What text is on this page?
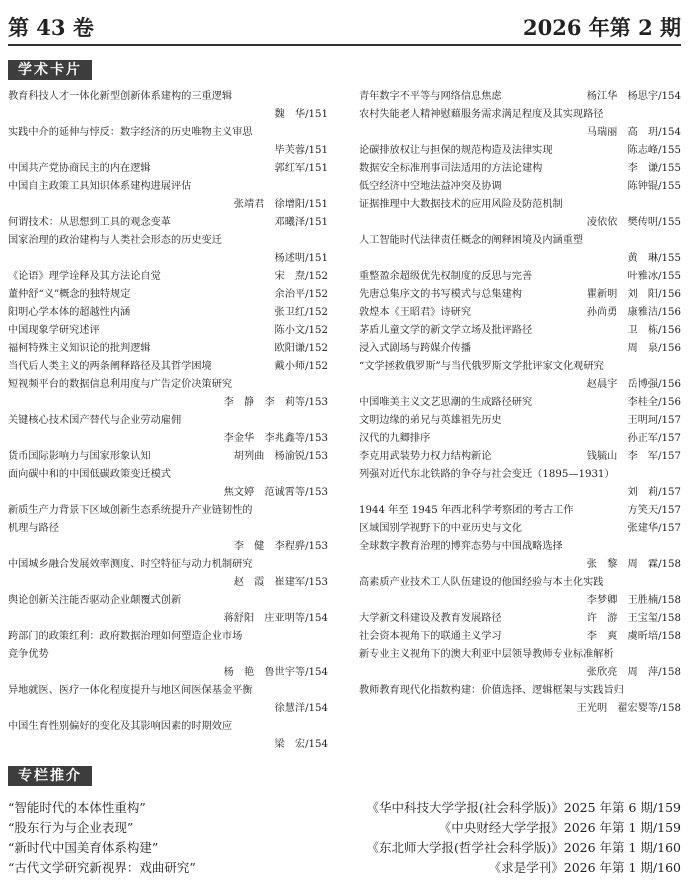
第 43 卷	2026 年第 2 期
学术卡片
教育科技人才一体化新型创新体系建构的三重逻辑
魏　华/151
实践中介的延伸与悖反：数字经济的历史唯物主义审思
毕芙蓉/151
中国共产党协商民主的内在逻辑	郭红军/151
中国自主政策工具知识体系建构进展评估
张靖君　徐增阳/151
何谓技术：从思想到工具的观念变革	邓曦泽/151
国家治理的政治建构与人类社会形态的历史变迁
杨述明/151
《论语》理学诠释及其方法论自觉	宋　焘/152
董仲舒“义”概念的独特规定	余治平/152
阳明心学本体的超越性内涵	张卫红/152
中国现象学研究述评	陈小文/152
福柯特殊主义知识论的批判逻辑	欧阳谦/152
当代后人类主义的两条阐释路径及其哲学困境	戴小师/152
短视频平台的数据信息利用度与广告定价决策研究
李　静　李　莉等/153
关键核心技术国产替代与企业劳动雇佣
李金华　李兆鑫等/153
货币国际影响力与国家形象认知	胡列曲　杨渝锐/153
面向碳中和的中国低碳政策变迁模式
焦文婷　范诚霄等/153
新质生产力背景下区域创新生态系统提升产业链韧性的
机理与路径
李　健　李程骅/153
中国城乡融合发展效率测度、时空特征与动力机制研究
赵　霞　崔建军/153
舆论创新关注能否驱动企业颠覆式创新
蒋舒阳　庄亚明等/154
跨部门的政策红利：政府数据治理如何塑造企业市场
竞争优势
杨　艳　鲁世宇等/154
异地就医、医疗一体化程度提升与地区间医保基金平衡
徐慧洋/154
中国生育性别偏好的变化及其影响因素的时期效应
梁　宏/154
青年数字不平等与网络信息焦虑	杨江华　杨思宇/154
农村失能老人精神慰藉服务需求满足程度及其实现路径
马瑞丽　高　玥/154
论碳排放权让与担保的规范构造及法律实现	陈志峰/155
数据安全标准刑事司法适用的方法论建构	李　谦/155
低空经济中空地法益冲突及协调	陈钟锟/155
证据推理中大数据技术的应用风险及防范机制
凌依依　樊传明/155
人工智能时代法律责任概念的阐释困境及内涵重塑
黄　琳/155
重整盈余超级优先权制度的反思与完善	叶雅冰/155
先唐总集序文的书写模式与总集建构	瞿新明　刘　阳/156
敦煌本《王昭君》诗研究	孙尚勇　康雅洁/156
茅盾儿童文学的新文学立场及批评路径	卫　栋/156
浸入式剧场与跨媒介传播	周　泉/156
“文学拯救俄罗斯”与当代俄罗斯文学批评家文化观研究
赵晨宇　岳博强/156
中国唯美主义文艺思潮的生成路径研究	李桂全/156
文明边缘的弟兄与英雄祖先历史	王明珂/157
汉代的九卿排序	孙正军/157
李克用武装势力权力结构新论	钱毓山　李　军/157
列强对近代东北铁路的争夺与社会变迁（1895—1931）
刘　莉/157
1944 年至 1945 年西北科学考察团的考古工作	方笑天/157
区域国别学视野下的中亚历史与文化	张建华/157
全球数字教育治理的博弈态势与中国战略选择
张　黎　周　霖/158
高素质产业技术工人队伍建设的他国经验与本土化实践
李梦卿　王胜楠/158
大学新文科建设及教育发展路径	许　游　王宝玺/158
社会资本视角下的联通主义学习	李　爽　虞昕培/158
新专业主义视角下的澳大利亚中层领导教师专业标准解析
张欣亮　周　萍/158
教师教育现代化指数构建：价值选择、逻辑框架与实践旨归
王光明　翟宏婴等/158
专栏推介
“智能时代的本体性重构”	《华中科技大学学报(社会科学版)》2025 年第 6 期/159
“股东行为与企业表现”	《中央财经大学学报》2026 年第 1 期/159
“新时代中国美育体系构建”	《东北师大学报(哲学社会科学版)》2026 年第 1 期/160
“古代文学研究新视界：戏曲研究”	《求是学刊》2026 年第 1 期/160
